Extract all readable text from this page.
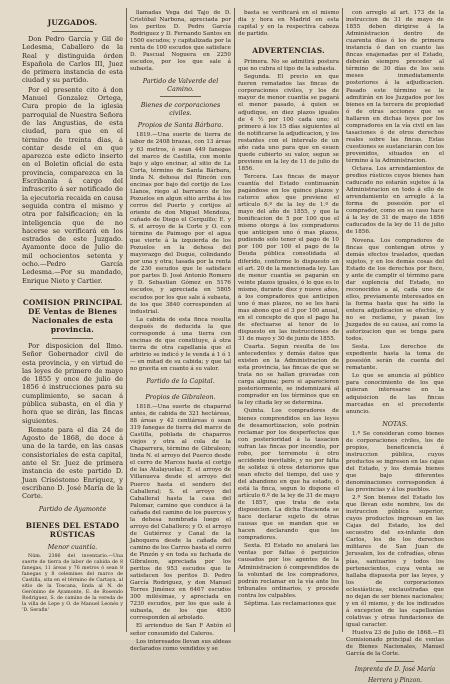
JUZGADOS.

Don Pedro García y Gil de Ledesma, Caballero de la Real y distinguida órden Española de Carlos III, Juez de primera instancia de esta ciudad y su partido.

Por el presente cito á don Manuel Gonzalez Ortega, Cura propio de la iglesia parroquial de Nuestra Señora de las Angustias, de esta ciudad, para que en el término de treinta dias, á contar desde el en que aparezca este edicto inserto en el Boletin oficial de esta provincia, comparezca en la Escribanía á cargo del infrascrito á ser notificado de la ejecutoria recaida en causa seguida contra el mismo y otra por falsificacion; en la inteligencia que de no hacerse se verificará en los estrados de este Juzgado. Ayamonte doce de Julio de mil ochocientos setenta y ocho.—Pedro García Ledesma.—Por su mandado, Enrique Nieto y Cartier.

COMISION PRINCIPAL DE Ventas de Bienes Nacionales de esta provincia.

Por disposicion del Ilmo. Señor Gobernador civil de esta provincia, y en virtud de las leyes de primero de mayo de 1855 y once de julio de 1856 é instrucciones para su cumplimiento, se sacan á pública subasta, en el dia y hora que se dirán, las fincas siguientes.

Remate para el dia 24 de Agosto de 1868, de doce á una de la tarde, en las casas consistoriales de esta capital, ante el Sr. Juez de primera instancia de este partido D. Juan Crisóstomo Enriquez, y escribano D. José María de la Corte.

Partido de Ayamonte
BIENES DEL ESTADO RÚSTICAS
Menor cuantía.

Núm. 2386 del inventario.—Una suerte de tierra de labor de cabida de 8 fanegas, 11 áreas y 76 metros ó sean 8 fanegas y 8 celemines del marco de Castilla, sita en el término de Cartaya, al sitio de la Toscana, linda al N. de Gerónimo de Ayamonte, E. de Rosendo Rodriguez, S. de camino de la vereda de la villa de Lepe y O. de Manuel Leonés y 'D. Serafin'

llamadas Vega del Tajo de D. Cristóbal Narbona, apreciada por los peritos D. Pedro García Rodriguez y D. Fernando Santos en 1500 escudos; y capitalizada por la renta de 100 escudos que satisface D. Pascual Noguera en 2250 escudos, por los que sale á subasta.

Partido de Valverde del Camino.
Bienes de corporaciones civiles.
Propios de Santa Bárbara.

1819.—Una suerte de tierra de labor de 2408 brazas, con 13 áreas y 63 metros, ó sean 449 fanegas del marco de Castilla, con monte bajo y algo encinar, al sitio de La Corta, término de Santa Bárbara, linda N. dehesa del Rincón con encinas por bajo del cortijo de Los Llanos, riego al barranco de los Pozuelos en algun sitio arriba á los cerros del Puerto y cortijos al oriente de don Miguel Mendoza, cuñado de Diego el Cerquillo; E. y S. el arroyo de la Corte y O. con término de Paimogo por el agua que vierte á la izquierda de los Pozuelos en la dehesa del mayorazgo del Duque, colindando por una y otra; tasada por la renta de 230 escudos que le satisface por partes D. José Antonio Romero y D. Sebastian Gómez en 5176 escudos, y apreciada en 5805 escudos por los que sale á subasta, de los que 3840 corresponden al industrial.

La cabida de esta finca resulta después de deducida la que corresponde á una tierra con encinas de que constituye, á otra tierra de otra capellanía que el arbitrio se indicó y le venda á 1 ó 1 — en mitad de su cabida; y que tal no gravita en cuanto á su valor.

Partido de la Capital.
Propios de Gibraleon.

1818.—Una suerte de chaparral antes, de cabida de 321 hectáreas, 88 áreas y 42 centiáreas ó sean 319 fanegas de tierra del marco de Castilla, poblada de chaparros viejos y otra al cola de la Chaparrera, término de Gibraleon; linda N. el arroyo del Puerco desde el cerro de Marcos hasta el cortijo de las Atalayuelas; E. el arroyo de Villanueva desde el arroyo del Puerco hasta el sendero del Caballeral; S. el arroyo del Caballeral hasta la casa del Palomar, camino que conduce á la cañada del camino de los puercos y la dehesa nombrada luego el arroyo del Caballero; y O. el arroyo de Gutiérrez y Canal de la Jaboquera desde la cañada del camino de los Carros hasta el cerro de Pinzón y en toda su fachada de Gibraleon, apreciada por los peritos de 953 escudos que le satisfacen los peritos D. Pedro García Rodriguez, y don Manuel Torres Jiménez en 6467 escudos 300 milésimas, y apreciada en 7230 escudos, por los que sale á subasta, de los que 4830 corresponden al arbolado.

El arrienduo de San F Antón el señor consumido del Caleros.

Los interesados llevan sus aldeas declarados como vendidos y se

basta se verificará en el mismo dia y hora en Madrid en esta capital y en la respectiva cabeza de partido.

ADVERTENCIAS.

Primera. No se admitirá postura que no cubra el tipo de la subasta.

Segunda. El precio en que fueren rematados las fincas de corporaciones civiles, y los de mayor de menor cuantía se pagará el menor pasado, á quien se adjudique, en diez plazos iguales de 4 ½ por 100 cada uno; el primero á los 15 días siguientes al de notificarse la adjudicacion, y los restantes con el intervalo de un año cada uno para que en esuen quede cubierto su valor, segun se previene en la ley de 11 de julio de 1856.

Tercera. Las fincas de mayor cuantía del Estado continuarán pagándose en los quince plazos y catorce años que previene el artículo 6.º de la ley de 1.º de mayo del año de 1855, y que la bonificacion de 5 por 100 que el mismo otorga á los compradores que anticipen uno ó mas plazos, pudiendo solo tener el pago de 10 por 100 por 100 el pago de la Deuda pública consolidada al diferido, conforme lo dispuesto en el art. 20 de la mencionada ley. Las de menor cuantía se pagarán en veinte plazos iguales, ó lo que es lo mismo, durante diez y nueve años, á los compradores que anticipen uno ó mas plazos, no se les hará mas abono que el 3 por 100 anual, en el concepto de que el pago ha de efectuarse al tenor de lo dispuesto en las instrucciones de 31 de mayo y 30 de junio de 1855.

Cuarta. Segun resulta de los antecedentes y demás datos que existen en la Administracion de esta provincia, las fincas de que se trata no se hallan gravadas con carga alguna; pero si aparecieren posteriormente, se indemnizará al comprador en los términos que en la ley citada ley se determina.

Quinta. Los compradores de bienes comprendidos en las leyes de desamortizacion, solo podrán reclamar por los desperfectos que con posterioridad á la tasacion sufran las fincas por incendio, por robo, por terremoto ú otro accidente inevitable, y no por falta de solidez ú otros deterioros que sean efecto del tiempo, del uso y del abandono en que ha estado, ó está la finca, segun lo dispone el artículo 6.º de la ley de 31 de mayo de 1857, que trata de esta disposicion. La dicha Hacienda se hace declarar sujeto de otras causas que se mandan que se hacen declarando que los compradores.

Sexta. El Estado no anulará las ventas por faltas ó perjuicios causados por los agentes de la Administracion ó comprendidos de la voluntad de los compradores, podrán reclamar en la vía ante los tribunales ordinarios, y procede contra los culpables.

Séptima. Las reclamaciones que

con arreglo al art. 173 de la instruccion de 31 de mayo de 1855 deben dirigirse á la Administracion dentro de cuarenta días ó los de primera instancia ó dan en cuanto las fincas enajenadas por el Estado, deberán siempre preceder al término de 30 días de los seis meses inmediatamente posteriores á la adjudicacion. Pasado este término se le admitirán en los Juzgados por los bienes en la tercera de propiedad ó de otras acciones que se hallaren en dichas leyes por los compradores en la vía civil en las tasaciones ó de otros derechos reales sobre las fincas. Estas cuestiones se sustanciarán con los prevenidos, situados en el término á la Administracion.

Octava. Los arrendamientos de predios rústicos cuyos bienes han caducado no estarán sujetos á la Administracion en todo á ello de arrendamiento en arreglo á la forma de posesión por el comprador, como en su caso hace á la ley de 31 de mayo de 1856 caducados de la ley de 11 de julio de 1856.

Novena. Los compradores de fincas que contengan otros y demás efectos traslados, quedan sujetos, y en los demás cosas del Estado de los derechos por fisco, y ante de cumplir el término para dar suplencia del Estado, no reconocidos a al, cada uno de ellos, previamente interesados en la forma hasta que ha sido la entera adjudicacion se efectúe, y no se reclame, y pasan los Juzgados de su causa, así como la autorizacion que se tenga para todos.

Sesta. Los derechos de expediente hasta la toma de posesión serán de cuenta del rematante.

Lo que se anuncia al público para conocimiento de los que quieran interesarse en la adquisicion de las fincas marcadas en el precedente anuncio.

NOTAS.

1.ª Se consideran como bienes de corporaciones civiles, los de propios, beneficencia é instruccion pública, cuyos productos se ingresen en las cajas del Estado, y los demás bienes que bajo diferentes denominaciones corresponden á las provincias y á los pueblos.

2.ª Son bienes del Estado los que llevan este nombre, los de instruccion pública superior, cuyos productos ingresan en las Cajas del Estado, los del secuestro del ex-infante don Carlos, los de los derechos militares de San Juan de Jerusalen, los de cofradías, obras pías, santuarios y todos los pertenecientes, cuya venta se hallaba dispuesta por las leyes, y los de corporaciones eclesiásticas, exclaustradas que no dejan de ser bienes nacionales; y en él mismo, y de los indicados á excepcion de las capellanías colativas y otras fundaciones de igual caracter.

Huelva 23 de Julio de 1868.—El Comisionado principal de ventas de Bienes Nacionales, Manuel García de la Corte.

Imprenta de D. José María
Herrera y Pinzon.
